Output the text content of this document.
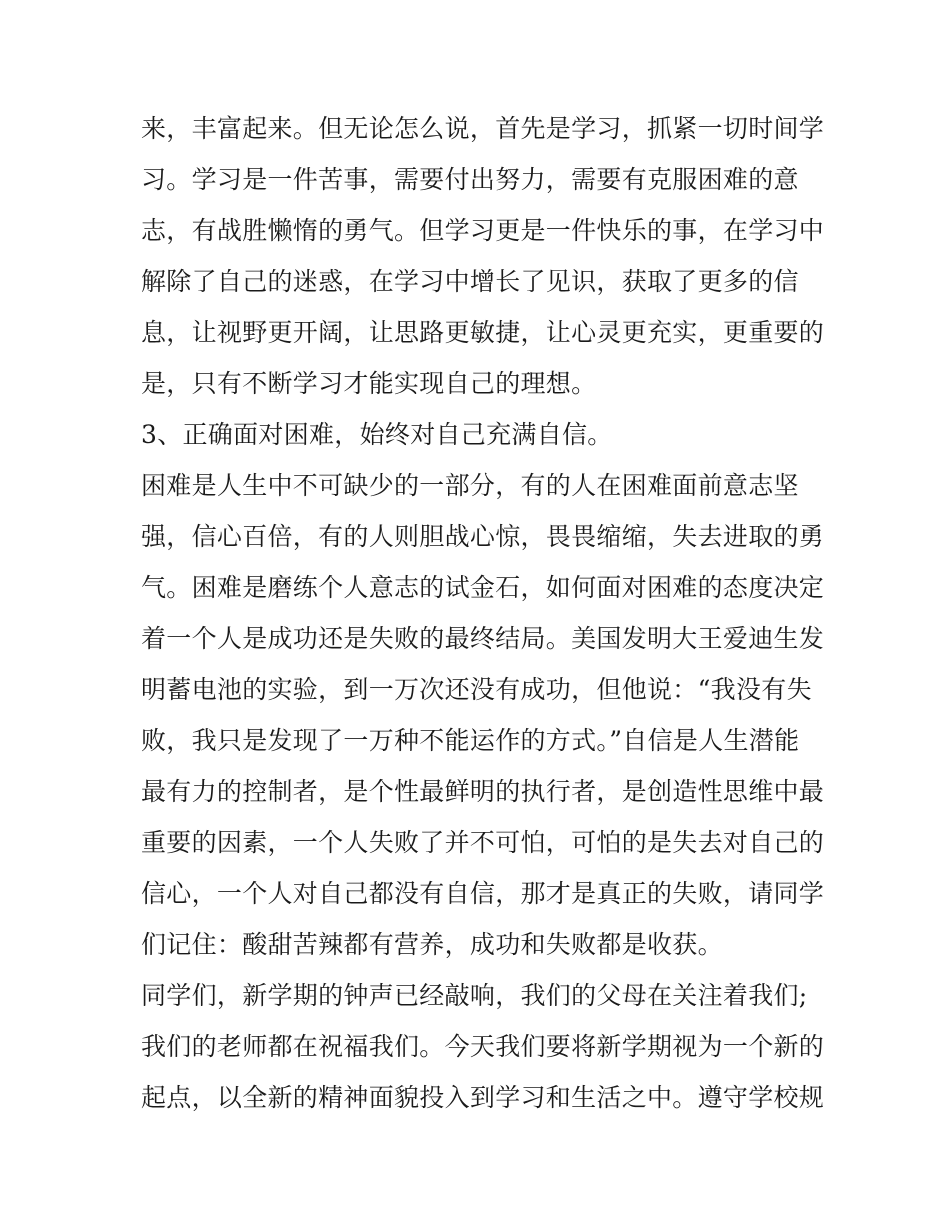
来，丰富起来。但无论怎么说，首先是学习，抓紧一切时间学
习。学习是一件苦事，需要付出努力，需要有克服困难的意
志，有战胜懒惰的勇气。但学习更是一件快乐的事，在学习中
解除了自己的迷惑，在学习中增长了见识，获取了更多的信
息，让视野更开阔，让思路更敏捷，让心灵更充实，更重要的
是，只有不断学习才能实现自己的理想。
3、正确面对困难，始终对自己充满自信。
困难是人生中不可缺少的一部分，有的人在困难面前意志坚
强，信心百倍，有的人则胆战心惊，畏畏缩缩，失去进取的勇
气。困难是磨练个人意志的试金石，如何面对困难的态度决定
着一个人是成功还是失败的最终结局。美国发明大王爱迪生发
明蓄电池的实验，到一万次还没有成功，但他说：“我没有失
败，我只是发现了一万种不能运作的方式。”自信是人生潜能
最有力的控制者，是个性最鲜明的执行者，是创造性思维中最
重要的因素，一个人失败了并不可怕，可怕的是失去对自己的
信心，一个人对自己都没有自信，那才是真正的失败，请同学
们记住：酸甜苦辣都有营养，成功和失败都是收获。
同学们，新学期的钟声已经敲响，我们的父母在关注着我们;
我们的老师都在祝福我们。今天我们要将新学期视为一个新的
起点，以全新的精神面貌投入到学习和生活之中。遵守学校规
